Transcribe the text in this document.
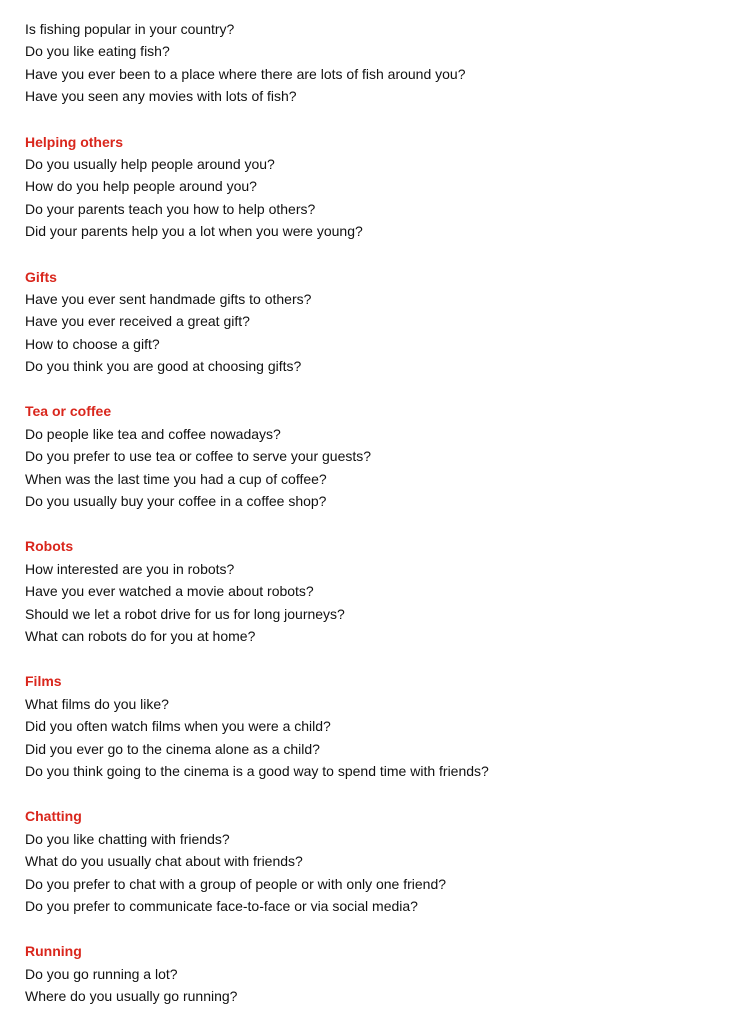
Is fishing popular in your country?
Do you like eating fish?
Have you ever been to a place where there are lots of fish around you?
Have you seen any movies with lots of fish?
Helping others
Do you usually help people around you?
How do you help people around you?
Do your parents teach you how to help others?
Did your parents help you a lot when you were young?
Gifts
Have you ever sent handmade gifts to others?
Have you ever received a great gift?
How to choose a gift?
Do you think you are good at choosing gifts?
Tea or coffee
Do people like tea and coffee nowadays?
Do you prefer to use tea or coffee to serve your guests?
When was the last time you had a cup of coffee?
Do you usually buy your coffee in a coffee shop?
Robots
How interested are you in robots?
Have you ever watched a movie about robots?
Should we let a robot drive for us for long journeys?
What can robots do for you at home?
Films
What films do you like?
Did you often watch films when you were a child?
Did you ever go to the cinema alone as a child?
Do you think going to the cinema is a good way to spend time with friends?
Chatting
Do you like chatting with friends?
What do you usually chat about with friends?
Do you prefer to chat with a group of people or with only one friend?
Do you prefer to communicate face-to-face or via social media?
Running
Do you go running a lot?
Where do you usually go running?
